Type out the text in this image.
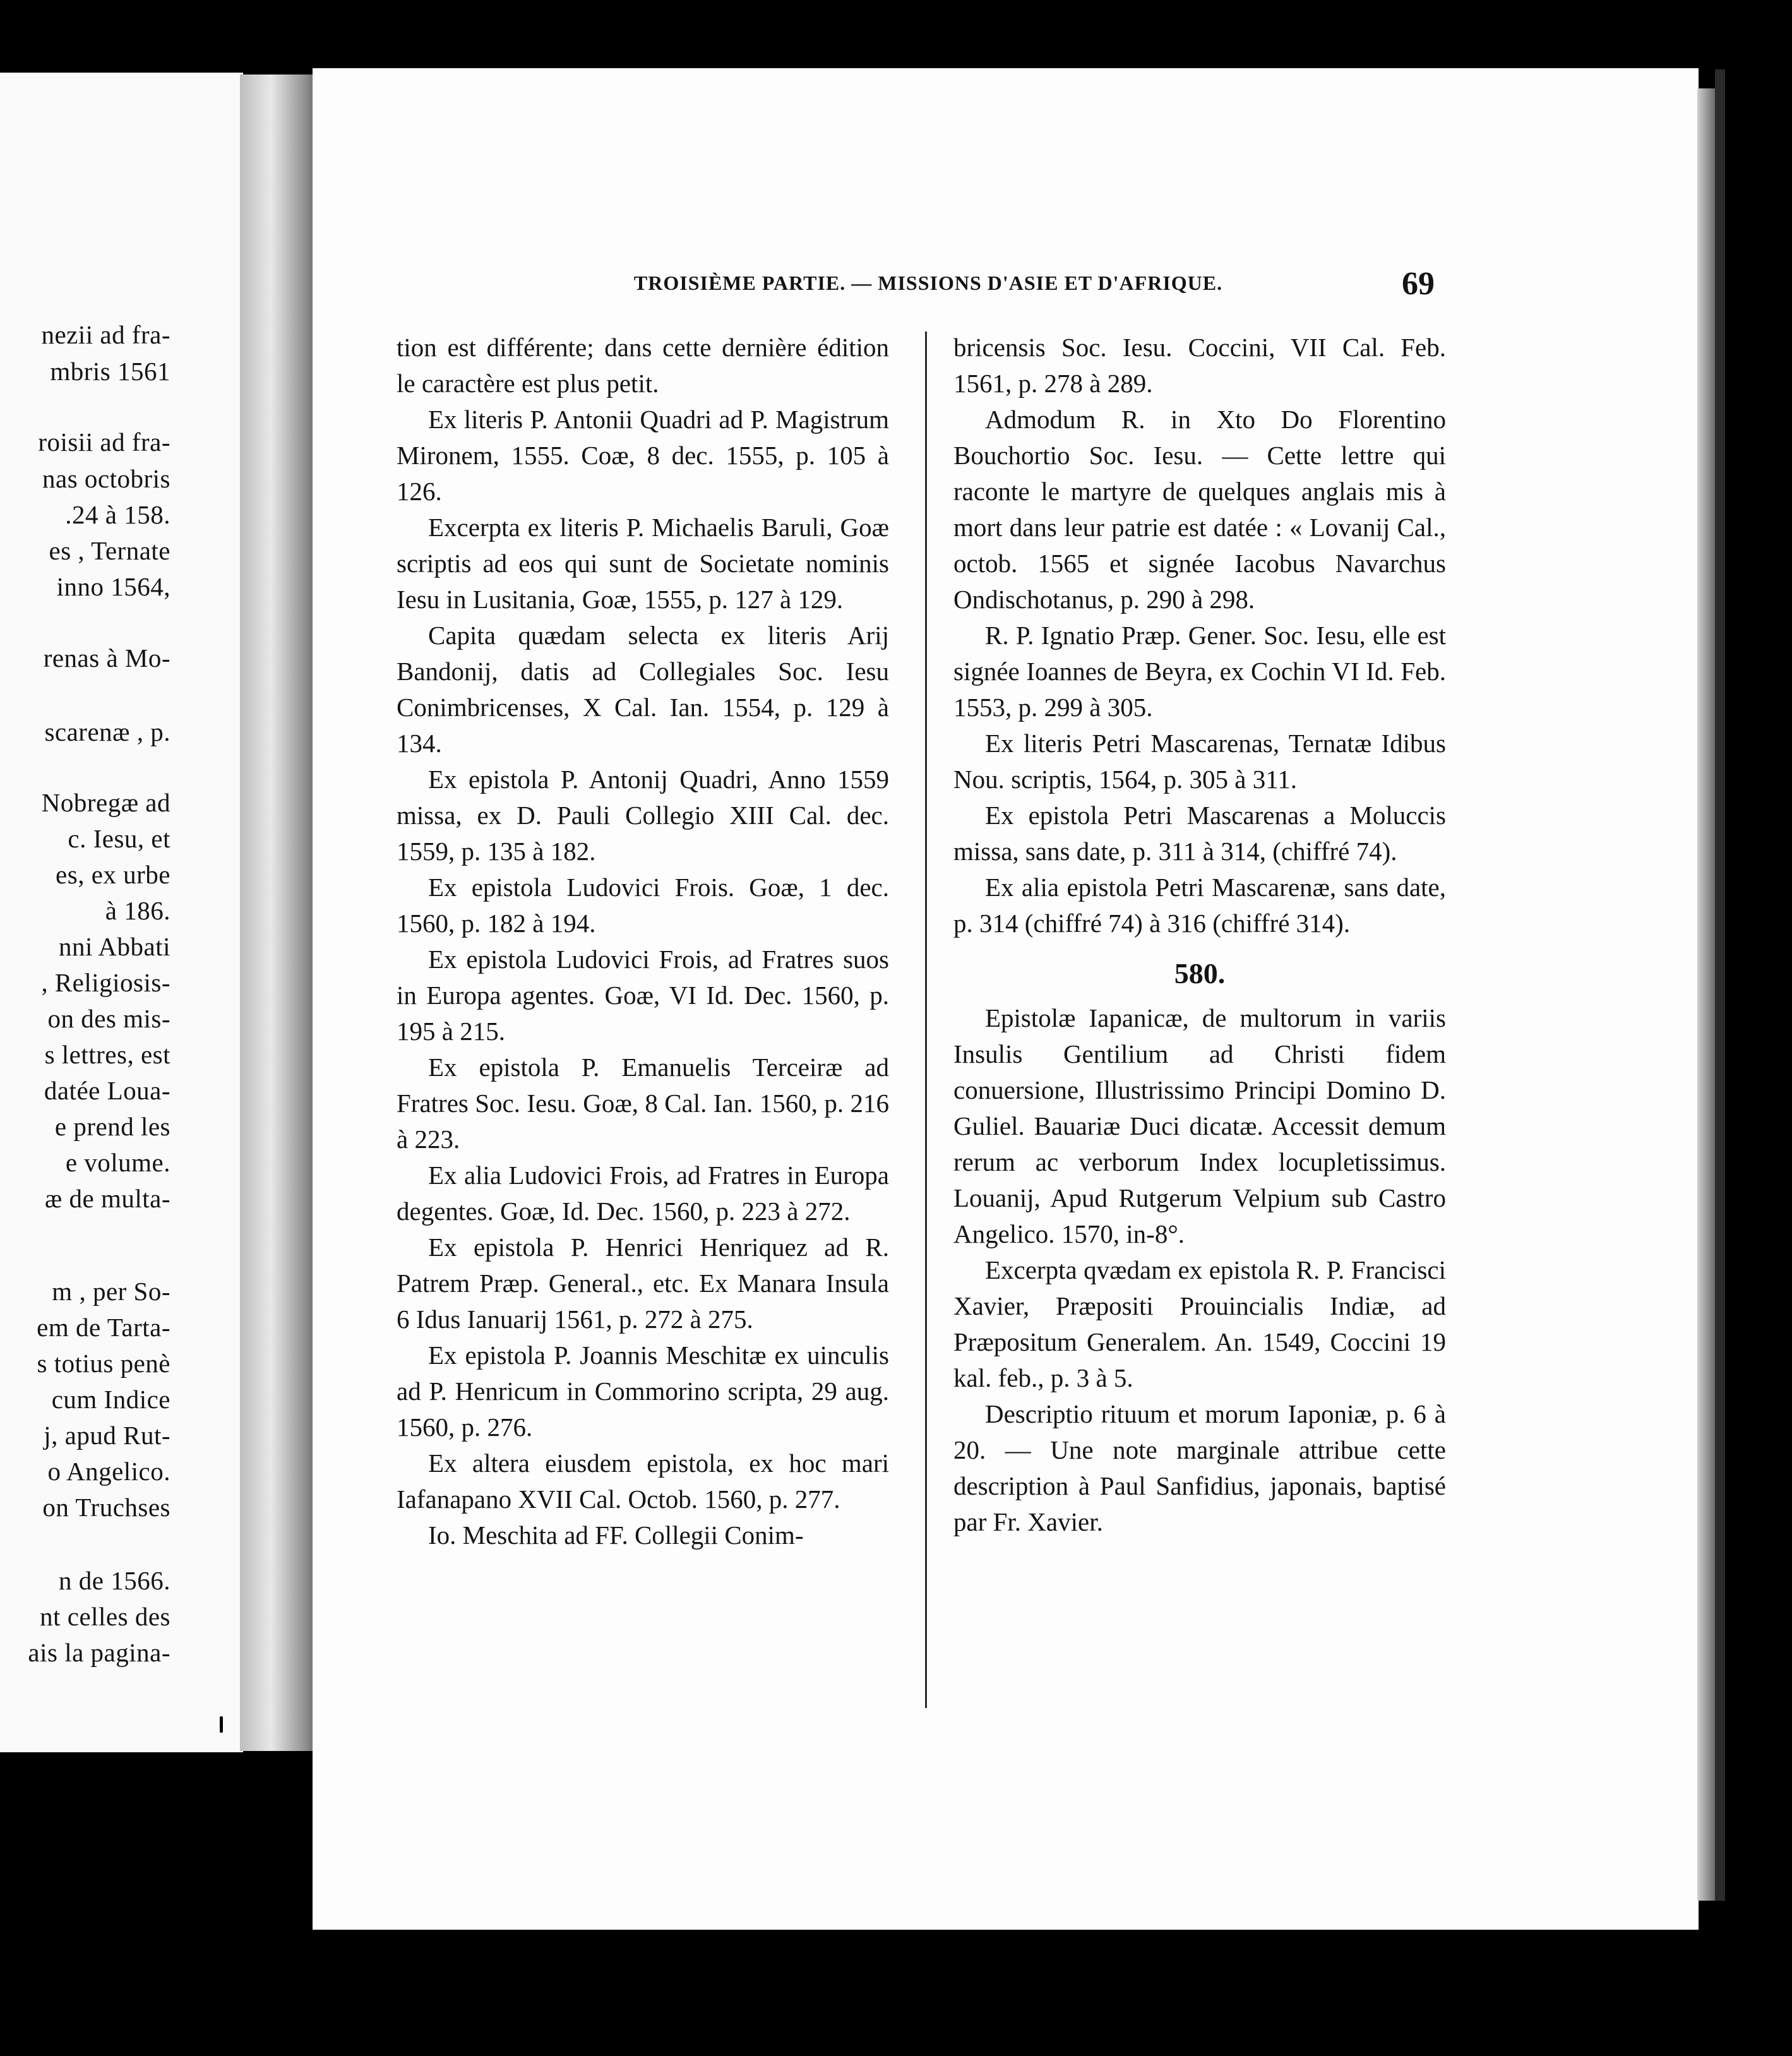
nezii ad fra-
mbris 1561
roisii ad fra-
nas octobris
.24 à 158.
es , Ternate
inno 1564,
renas à Mo-
scarenæ , p.
Nobregæ ad
c. Iesu, et
es, ex urbe
à 186.
nni Abbati
, Religiosis-
on des mis-
s lettres, est
datée Loua-
e prend les
e volume.
æ de multa-
m , per So-
em de Tarta-
s totius penè
cum Indice
j, apud Rut-
o Angelico.
on Truchses
n de 1566.
nt celles des
ais la pagina-
TROISIÈME PARTIE. — MISSIONS D'ASIE ET D'AFRIQUE.	69

tion est différente; dans cette dernière édition le caractère est plus petit.

Ex literis P. Antonii Quadri ad P. Magistrum Mironem, 1555. Coæ, 8 dec. 1555, p. 105 à 126.

Excerpta ex literis P. Michaelis Baruli, Goæ scriptis ad eos qui sunt de Societate nominis Iesu in Lusitania, Goæ, 1555, p. 127 à 129.

Capita quædam selecta ex literis Arij Bandonij, datis ad Collegiales Soc. Iesu Conimbricenses, X Cal. Ian. 1554, p. 129 à 134.

Ex epistola P. Antonij Quadri, Anno 1559 missa, ex D. Pauli Collegio XIII Cal. dec. 1559, p. 135 à 182.

Ex epistola Ludovici Frois. Goæ, 1 dec. 1560, p. 182 à 194.

Ex epistola Ludovici Frois, ad Fratres suos in Europa agentes. Goæ, VI Id. Dec. 1560, p. 195 à 215.

Ex epistola P. Emanuelis Terceiræ ad Fratres Soc. Iesu. Goæ, 8 Cal. Ian. 1560, p. 216 à 223.

Ex alia Ludovici Frois, ad Fratres in Europa degentes. Goæ, Id. Dec. 1560, p. 223 à 272.

Ex epistola P. Henrici Henriquez ad R. Patrem Præp. General., etc. Ex Manara Insula 6 Idus Ianuarij 1561, p. 272 à 275.

Ex epistola P. Joannis Meschitæ ex uinculis ad P. Henricum in Commorino scripta, 29 aug. 1560, p. 276.

Ex altera eiusdem epistola, ex hoc mari Iafanapano XVII Cal. Octob. 1560, p. 277.

Io. Meschita ad FF. Collegii Conim-

bricensis Soc. Iesu. Coccini, VII Cal. Feb. 1561, p. 278 à 289.

Admodum R. in Xto Do Florentino Bouchortio Soc. Iesu. — Cette lettre qui raconte le martyre de quelques anglais mis à mort dans leur patrie est datée : « Lovanij Cal., octob. 1565 et signée Iacobus Navarchus Ondischotanus, p. 290 à 298.

R. P. Ignatio Præp. Gener. Soc. Iesu, elle est signée Ioannes de Beyra, ex Cochin VI Id. Feb. 1553, p. 299 à 305.

Ex literis Petri Mascarenas, Ternatæ Idibus Nou. scriptis, 1564, p. 305 à 311.

Ex epistola Petri Mascarenas a Moluccis missa, sans date, p. 311 à 314, (chiffré 74).

Ex alia epistola Petri Mascarenæ, sans date, p. 314 (chiffré 74) à 316 (chiffré 314).

580.

Epistolæ Iapanicæ, de multorum in variis Insulis Gentilium ad Christi fidem conuersione, Illustrissimo Principi Domino D. Guliel. Bauariæ Duci dicatæ. Accessit demum rerum ac verborum Index locupletissimus. Louanij, Apud Rutgerum Velpium sub Castro Angelico. 1570, in-8°.

Excerpta qvædam ex epistola R. P. Francisci Xavier, Præpositi Prouincialis Indiæ, ad Præpositum Generalem. An. 1549, Coccini 19 kal. feb., p. 3 à 5.

Descriptio rituum et morum Iaponiæ, p. 6 à 20. — Une note marginale attribue cette description à Paul Sanfidius, japonais, baptisé par Fr. Xavier.
